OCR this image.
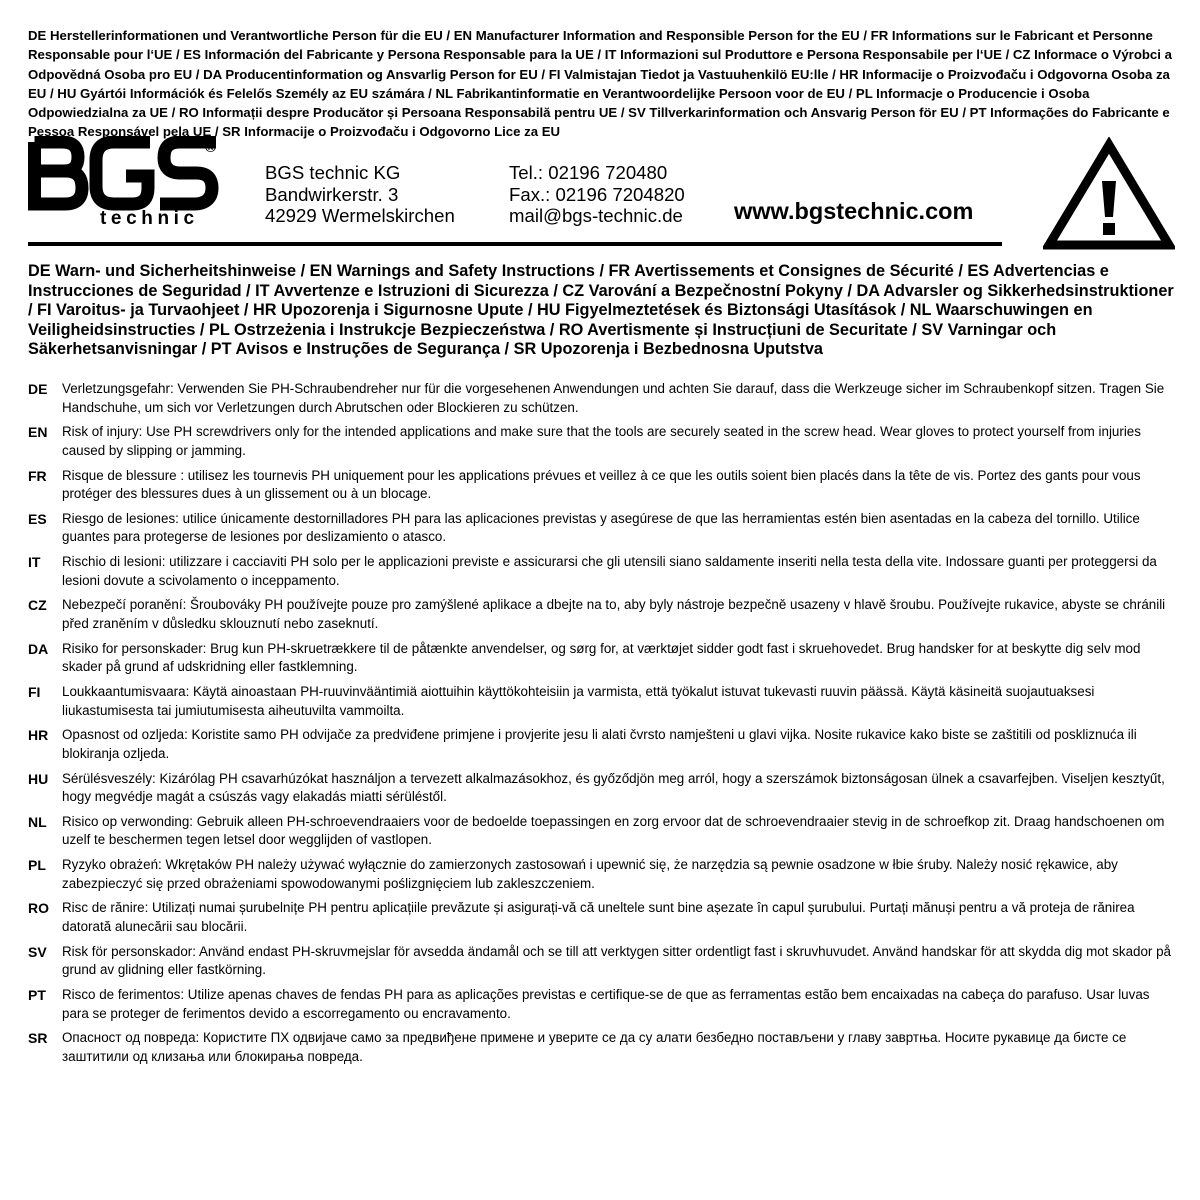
DE Herstellerinformationen und Verantwortliche Person für die EU / EN Manufacturer Information and Responsible Person for the EU / FR Informations sur le Fabricant et Personne Responsable pour l‘UE / ES Información del Fabricante y Persona Responsable para la UE / IT Informazioni sul Produttore e Persona Responsabile per l‘UE / CZ Informace o Výrobci a Odpovědná Osoba pro EU / DA Producentinformation og Ansvarlig Person for EU / FI Valmistajan Tiedot ja Vastuuhenkilö EU:lle / HR Informacije o Proizvođaču i Odgovorna Osoba za EU / HU Gyártói Információk és Felelős Személy az EU számára / NL Fabrikantinformatie en Verantwoordelijke Persoon voor de EU / PL Informacje o Producencie i Osoba Odpowiedzialna za UE / RO Informații despre Producător și Persoana Responsabilă pentru UE / SV Tillverkarinformation och Ansvarig Person för EU / PT Informações do Fabricante e Pessoa Responsável pela UE / SR Informacije o Proizvođaču i Odgovorno Lice za EU

technic
®
BGS technic KG
Bandwirkerstr. 3
42929 Wermelskirchen
Tel.: 02196 720480
Fax.: 02196 7204820
mail@bgs-technic.de www.bgstechnic.com

DE Warn- und Sicherheitshinweise / EN Warnings and Safety Instructions / FR Avertissements et Consignes de Sécurité / ES Advertencias e Instrucciones de Seguridad / IT Avvertenze e Istruzioni di Sicurezza / CZ Varování a Bezpečnostní Pokyny / DA Advarsler og Sikkerhedsinstruktioner / FI Varoitus- ja Turvaohjeet / HR Upozorenja i Sigurnosne Upute / HU Figyelmeztetések és Biztonsági Utasítások / NL Waarschuwingen en Veiligheidsinstructies / PL Ostrzeżenia i Instrukcje Bezpieczeństwa / RO Avertismente și Instrucțiuni de Securitate / SV Varningar och Säkerhetsanvisningar / PT Avisos e Instruções de Segurança / SR Upozorenja i Bezbednosna Uputstva

DE	Verletzungsgefahr: Verwenden Sie PH-Schraubendreher nur für die vorgesehenen Anwendungen und achten Sie darauf, dass die Werkzeuge sicher im Schraubenkopf sitzen. Tragen Sie Handschuhe, um sich vor Verletzungen durch Abrutschen oder Blockieren zu schützen.
EN	Risk of injury: Use PH screwdrivers only for the intended applications and make sure that the tools are securely seated in the screw head. Wear gloves to protect yourself from injuries caused by slipping or jamming.
FR	Risque de blessure : utilisez les tournevis PH uniquement pour les applications prévues et veillez à ce que les outils soient bien placés dans la tête de vis. Portez des gants pour vous protéger des blessures dues à un glissement ou à un blocage.
ES	Riesgo de lesiones: utilice únicamente destornilladores PH para las aplicaciones previstas y asegúrese de que las herramientas estén bien asentadas en la cabeza del tornillo. Utilice guantes para protegerse de lesiones por deslizamiento o atasco.
IT	Rischio di lesioni: utilizzare i cacciaviti PH solo per le applicazioni previste e assicurarsi che gli utensili siano saldamente inseriti nella testa della vite. Indossare guanti per proteggersi da lesioni dovute a scivolamento o inceppamento.
CZ	Nebezpečí poranění: Šroubováky PH používejte pouze pro zamýšlené aplikace a dbejte na to, aby byly nástroje bezpečně usazeny v hlavě šroubu. Používejte rukavice, abyste se chránili před zraněním v důsledku sklouznutí nebo zaseknutí.
DA	Risiko for personskader: Brug kun PH-skruetrækkere til de påtænkte anvendelser, og sørg for, at værktøjet sidder godt fast i skruehovedet. Brug handsker for at beskytte dig selv mod skader på grund af udskridning eller fastklemning.
FI	Loukkaantumisvaara: Käytä ainoastaan PH-ruuvinvääntimiä aiottuihin käyttökohteisiin ja varmista, että työkalut istuvat tukevasti ruuvin päässä. Käytä käsineitä suojautuaksesi liukastumisesta tai jumiutumisesta aiheutuvilta vammoilta.
HR	Opasnost od ozljeda: Koristite samo PH odvijače za predviđene primjene i provjerite jesu li alati čvrsto namješteni u glavi vijka. Nosite rukavice kako biste se zaštitili od poskliznuća ili blokiranja ozljeda.
HU	Sérülésveszély: Kizárólag PH csavarhúzókat használjon a tervezett alkalmazásokhoz, és győződjön meg arról, hogy a szerszámok biztonságosan ülnek a csavarfejben. Viseljen kesztyűt, hogy megvédje magát a csúszás vagy elakadás miatti sérüléstől.
NL	Risico op verwonding: Gebruik alleen PH-schroevendraaiers voor de bedoelde toepassingen en zorg ervoor dat de schroevendraaier stevig in de schroefkop zit. Draag handschoenen om uzelf te beschermen tegen letsel door wegglijden of vastlopen.
PL	Ryzyko obrażeń: Wkrętaków PH należy używać wyłącznie do zamierzonych zastosowań i upewnić się, że narzędzia są pewnie osadzone w łbie śruby. Należy nosić rękawice, aby zabezpieczyć się przed obrażeniami spowodowanymi poślizgnięciem lub zakleszczeniem.
RO Risc de rănire: Utilizați numai șurubelnițe PH pentru aplicațiile prevăzute și asigurați-vă că uneltele sunt bine așezate în capul șurubului. Purtați mănuși pentru a vă proteja de rănirea datorată alunecării sau blocării.
SV	Risk för personskador: Använd endast PH-skruvmejslar för avsedda ändamål och se till att verktygen sitter ordentligt fast i skruvhuvudet. Använd handskar för att skydda dig mot skador på grund av glidning eller fastkörning.
PT	Risco de ferimentos: Utilize apenas chaves de fendas PH para as aplicações previstas e certifique-se de que as ferramentas estão bem encaixadas na cabeça do parafuso. Usar luvas para se proteger de ferimentos devido a escorregamento ou encravamento.
SR	Опасност од повреда: Користите ПХ одвијаче само за предвиђене примене и уверите се да су алати безбедно постављени у главу завртња. Носите рукавице да бисте се заштитили од клизања или блокирања повреда.
